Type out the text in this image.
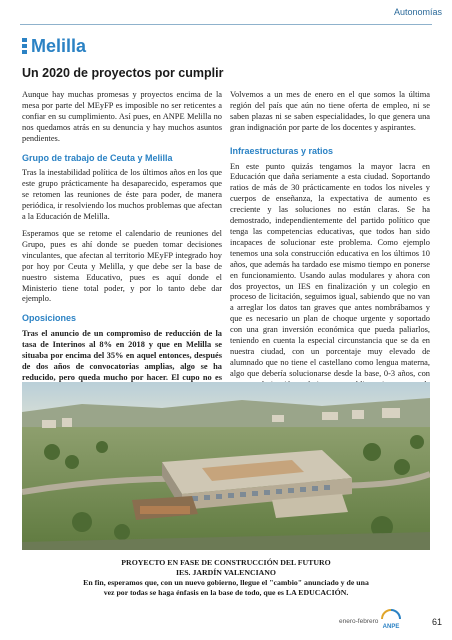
Autonomías
Melilla
Un 2020 de proyectos por cumplir

Aunque hay muchas promesas y proyectos encima de la mesa por parte del MEyFP es imposible no ser reticentes a confiar en su cumplimiento. Así pues, en ANPE Melilla no nos quedamos atrás en su denuncia y hay muchos asuntos pendientes.

Grupo de trabajo de Ceuta y Melilla

Tras la inestabilidad política de los últimos años en los que este grupo prácticamente ha desaparecido, esperamos que se retomen las reuniones de éste para poder, de manera periódica, ir resolviendo los muchos problemas que afectan a la Educación de Melilla.

Esperamos que se retome el calendario de reuniones del Grupo, pues es ahí donde se pueden tomar decisiones vinculantes, que afectan al territorio MEyFP integrado hoy por hoy por Ceuta y Melilla, y que debe ser la base de nuestro sistema Educativo, pues es aquí donde el Ministerio tiene total poder, y por lo tanto debe dar ejemplo.

Oposiciones

Tras el anuncio de un compromiso de reducción de la tasa de Interinos al 8% en 2018 y que en Melilla se situaba por encima del 35% en aquel entonces, después de dos años de convocatorias amplias, algo se ha reducido, pero queda mucho por hacer. El cupo no es

Volvemos a un mes de enero en el que somos la última región del país que aún no tiene oferta de empleo, ni se saben plazas ni se saben especialidades, lo que genera una gran indignación por parte de los docentes y aspirantes.

Infraestructuras y ratios

En este punto quizás tengamos la mayor lacra en Educación que daña seriamente a esta ciudad. Soportando ratios de más de 30 prácticamente en todos los niveles y cuerpos de enseñanza, la expectativa de aumento es creciente y las soluciones no están claras. Se ha demostrado, independientemente del partido político que tenga las competencias educativas, que todos han sido incapaces de solucionar este problema. Como ejemplo tenemos una sola construcción educativa en los últimos 10 años, que además ha tardado ese mismo tiempo en ponerse en funcionamiento. Usando aulas modulares y ahora con dos proyectos, un IES en finalización y un colegio en proceso de licitación, seguimos igual, sabiendo que no van a arreglar los datos tan graves que antes nombrábamos y que es necesario un plan de choque urgente y soportado con una gran inversión económica que pueda paliarlos, teniendo en cuenta la especial circunstancia que se da en nuestra ciudad, con un porcentaje muy elevado de alumnado que no tiene el castellano como lengua materna, algo que debería solucionarse desde la base, 0-3 años, con

PROYECTO EN FASE DE CONSTRUCCIÓN DEL FUTURO
IES. JARDÍN VALENCIANO
En fin, esperamos que, con un nuevo gobierno, llegue el "cambio" anunciado y de una
vez por todas se haga énfasis en la base de todo, que es LA EDUCACIÓN.
enero-febrero
ANPE	61
